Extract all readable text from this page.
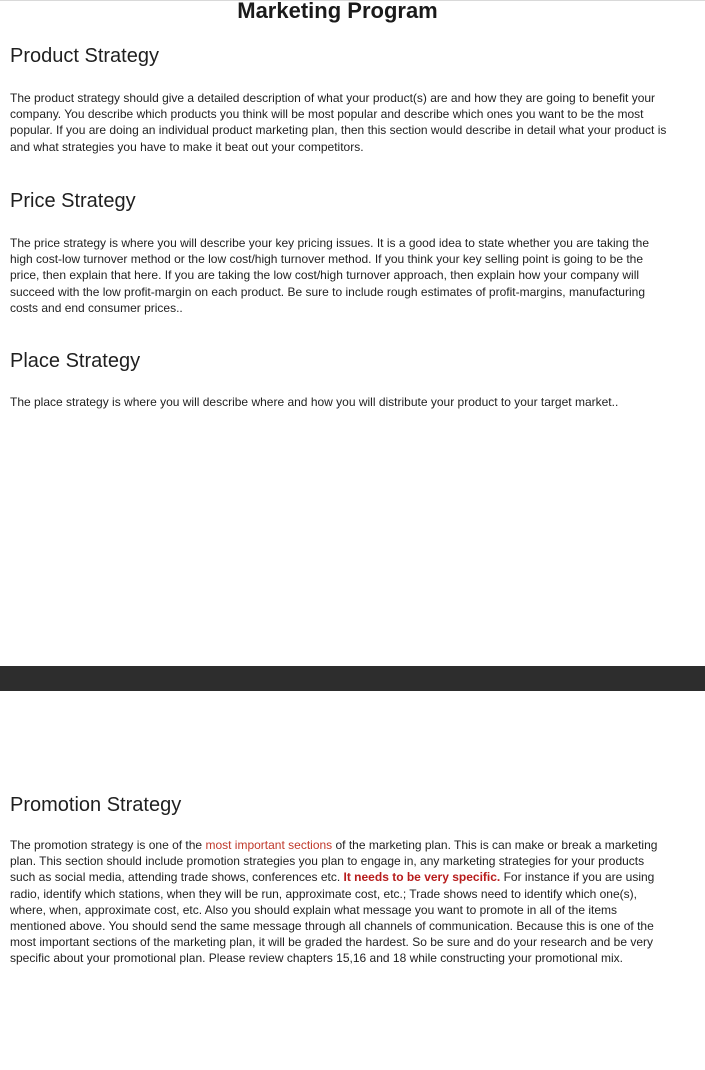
Marketing Program
Product Strategy

The product strategy should give a detailed description of what your product(s) are and how they are going to benefit your company. You describe which products you think will be most popular and describe which ones you want to be the most popular. If you are doing an individual product marketing plan, then this section would describe in detail what your product is and what strategies you have to make it beat out your competitors.

Price Strategy

The price strategy is where you will describe your key pricing issues. It is a good idea to state whether you are taking the high cost-low turnover method or the low cost/high turnover method. If you think your key selling point is going to be the price, then explain that here. If you are taking the low cost/high turnover approach, then explain how your company will succeed with the low profit-margin on each product. Be sure to include rough estimates of profit-margins, manufacturing costs and end consumer prices..

Place Strategy

The place strategy is where you will describe where and how you will distribute your product to your target market..

Promotion Strategy

The promotion strategy is one of the most important sections of the marketing plan. This is can make or break a marketing plan. This section should include promotion strategies you plan to engage in, any marketing strategies for your products such as social media, attending trade shows, conferences etc. It needs to be very specific. For instance if you are using radio, identify which stations, when they will be run, approximate cost, etc.; Trade shows need to identify which one(s), where, when, approximate cost, etc. Also you should explain what message you want to promote in all of the items mentioned above. You should send the same message through all channels of communication. Because this is one of the most important sections of the marketing plan, it will be graded the hardest. So be sure and do your research and be very specific about your promotional plan. Please review chapters 15,16 and 18 while constructing your promotional mix.
